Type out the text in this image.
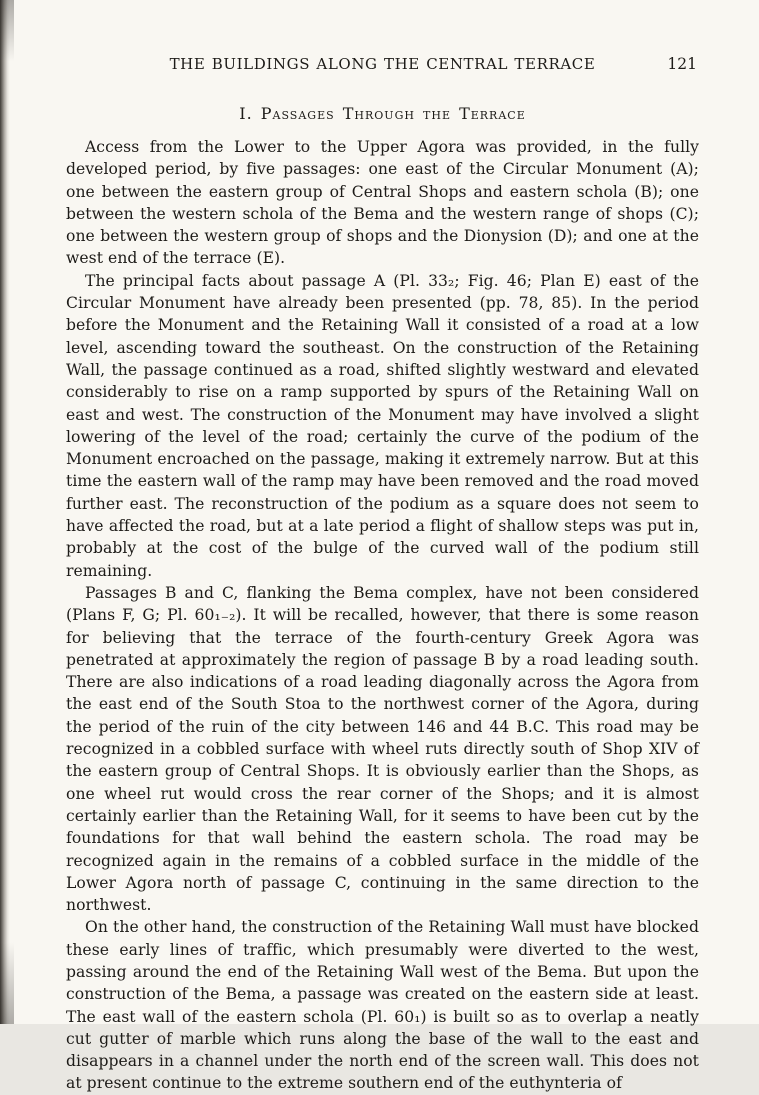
THE BUILDINGS ALONG THE CENTRAL TERRACE	121
I. Passages Through the Terrace

Access from the Lower to the Upper Agora was provided, in the fully developed period, by five passages: one east of the Circular Monument (A); one between the eastern group of Central Shops and eastern schola (B); one between the western schola of the Bema and the western range of shops (C); one between the western group of shops and the Dionysion (D); and one at the west end of the terrace (E).

The principal facts about passage A (Pl. 33₂; Fig. 46; Plan E) east of the Circular Monument have already been presented (pp. 78, 85). In the period before the Monument and the Retaining Wall it consisted of a road at a low level, ascending toward the southeast. On the construction of the Retaining Wall, the passage continued as a road, shifted slightly westward and elevated considerably to rise on a ramp supported by spurs of the Retaining Wall on east and west. The construction of the Monument may have involved a slight lowering of the level of the road; certainly the curve of the podium of the Monument encroached on the passage, making it extremely narrow. But at this time the eastern wall of the ramp may have been removed and the road moved further east. The reconstruction of the podium as a square does not seem to have affected the road, but at a late period a flight of shallow steps was put in, probably at the cost of the bulge of the curved wall of the podium still remaining.

Passages B and C, flanking the Bema complex, have not been considered (Plans F, G; Pl. 60₁₋₂). It will be recalled, however, that there is some reason for believing that the terrace of the fourth-century Greek Agora was penetrated at approximately the region of passage B by a road leading south. There are also indications of a road leading diagonally across the Agora from the east end of the South Stoa to the northwest corner of the Agora, during the period of the ruin of the city between 146 and 44 B.C. This road may be recognized in a cobbled surface with wheel ruts directly south of Shop XIV of the eastern group of Central Shops. It is obviously earlier than the Shops, as one wheel rut would cross the rear corner of the Shops; and it is almost certainly earlier than the Retaining Wall, for it seems to have been cut by the foundations for that wall behind the eastern schola. The road may be recognized again in the remains of a cobbled surface in the middle of the Lower Agora north of passage C, continuing in the same direction to the northwest.

On the other hand, the construction of the Retaining Wall must have blocked these early lines of traffic, which presumably were diverted to the west, passing around the end of the Retaining Wall west of the Bema. But upon the construction of the Bema, a passage was created on the eastern side at least. The east wall of the eastern schola (Pl. 60₁) is built so as to overlap a neatly cut gutter of marble which runs along the base of the wall to the east and disappears in a channel under the north end of the screen wall. This does not at present continue to the extreme southern end of the euthynteria of
